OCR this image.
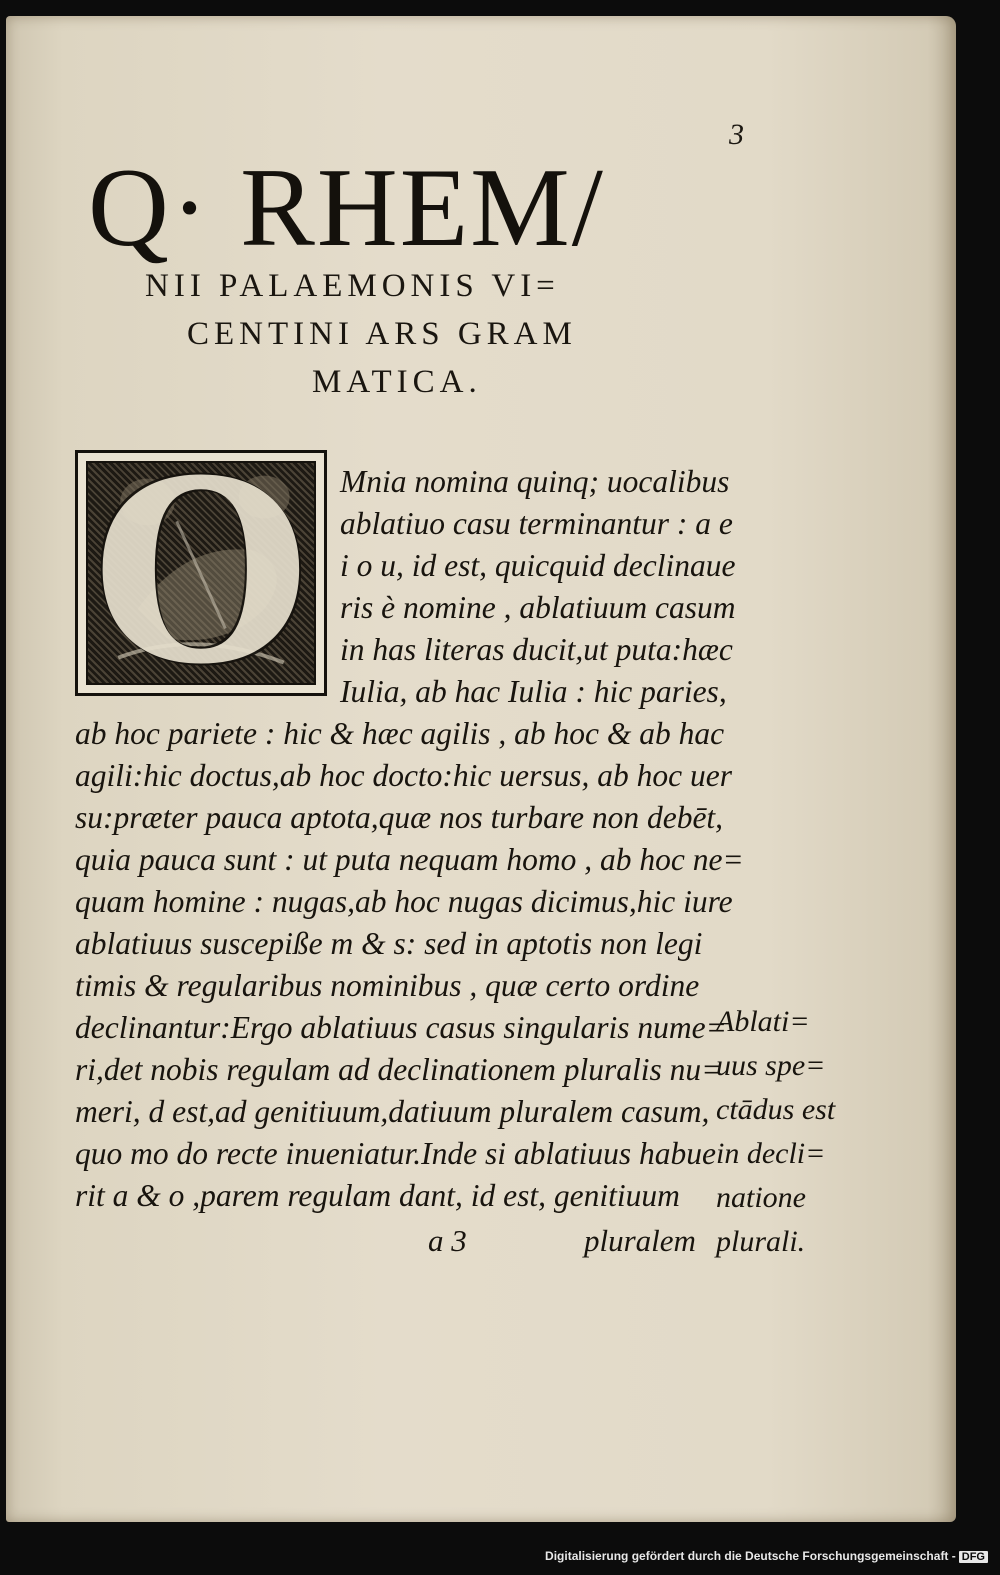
3
Q· RHEM/
NII PALAEMONIS VI=
CENTINI ARS GRAM
MATICA.
O Mnia nomina quinq; uocalibus
ablatiuo casu terminantur : a e
i o u, id est, quicquid declinaue
ris è nomine , ablatiuum casum
in has literas ducit,ut puta:hæc
Iulia, ab hac Iulia : hic paries,
ab hoc pariete : hic & hæc agilis , ab hoc & ab hac
agili:hic doctus,ab hoc docto:hic uersus, ab hoc uer
su:præter pauca aptota,quæ nos turbare non debēt,
quia pauca sunt : ut puta nequam homo , ab hoc ne=
quam homine : nugas,ab hoc nugas dicimus,hic iure
ablatiuus suscepiße m & s: sed in aptotis non legi
timis & regularibus nominibus , quæ certo ordine
declinantur:Ergo ablatiuus casus singularis nume=
ri,det nobis regulam ad declinationem pluralis nu=
meri, d est,ad genitiuum,datiuum pluralem casum,
quo mo do recte inueniatur.Inde si ablatiuus habue
rit a & o ,parem regulam dant, id est, genitiuum
Ablati=
uus spe=
ctādus est
in decli=
natione
plurali.
a 3	pluralem
Digitalisierung gefördert durch die Deutsche Forschungsgemeinschaft - DFG
